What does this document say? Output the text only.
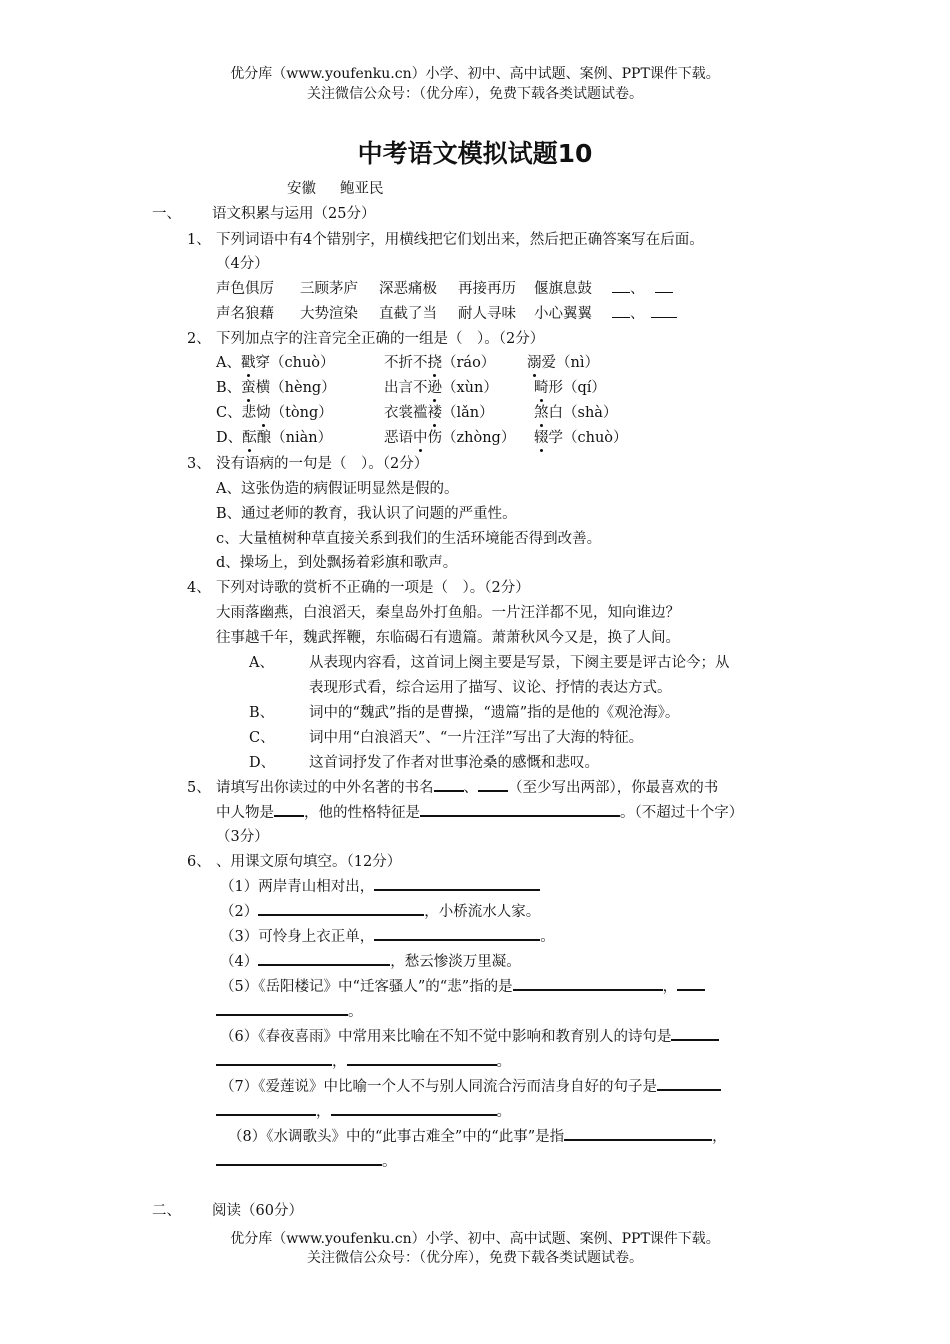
优分库（www.youfenku.cn）小学、初中、高中试题、案例、PPT课件下载。
关注微信公众号：（优分库），免费下载各类试题试卷。
中考语文模拟试题10
安徽 鲍亚民
一、 语文积累与运用（25分）
1、 下列词语中有4个错别字，用横线把它们划出来，然后把正确答案写在后面。
（4分）
声色俱厉 三顾茅庐 深恶痛极 再接再历 偃旗息鼓	、
声名狼藉 大势渲染 直截了当 耐人寻味 小心翼翼	、
2、 下列加点字的注音完全正确的一组是（　）。（2分）
A、戳穿（chuò）	不折不挠（ráo） 溺爱（nì）
B、蛮横（hèng）	出言不逊（xùn） 畸形（qí）
C、悲恸（tòng）	衣裳褴褛（lǎn）	煞白（shà）
D、酝酿（niàn）	恶语中伤（zhòng） 辍学（chuò）
3、 没有语病的一句是（　）。（2分）
A、这张伪造的病假证明显然是假的。
B、通过老师的教育，我认识了问题的严重性。
c、大量植树种草直接关系到我们的生活环境能否得到改善。
d、操场上，到处飘扬着彩旗和歌声。
4、 下列对诗歌的赏析不正确的一项是（　）。（2分）
大雨落幽燕，白浪滔天，秦皇岛外打鱼船。一片汪洋都不见，知向谁边？
往事越千年，魏武挥鞭，东临碣石有遗篇。萧萧秋风今又是，换了人间。
A、 从表现内容看，这首词上阕主要是写景，下阕主要是评古论今；从
表现形式看，综合运用了描写、议论、抒情的表达方式。
B、 词中的“魏武”指的是曹操，“遗篇”指的是他的《观沧海》。
C、 词中用“白浪滔天”、“一片汪洋”写出了大海的特征。
D、 这首词抒发了作者对世事沧桑的感慨和悲叹。
5、 请填写出你读过的中外名著的书名 、 （至少写出两部），你最喜欢的书
中人物是 ，他的性格特征是	。（不超过十个字）
（3分）
6、 、用课文原句填空。（12分）
（1）两岸青山相对出，
（2）	，小桥流水人家。
（3）可怜身上衣正单，	。
（4）	，愁云惨淡万里凝。
（5）《岳阳楼记》中“迁客骚人”的“悲”指的是	，
。
（6）《春夜喜雨》中常用来比喻在不知不觉中影响和教育别人的诗句是
，	。
（7）《爱莲说》中比喻一个人不与别人同流合污而洁身自好的句子是
，	。
（8）《水调歌头》中的“此事古难全”中的“此事”是指	，
。
二、 阅读（60分）
优分库（www.youfenku.cn）小学、初中、高中试题、案例、PPT课件下载。
关注微信公众号：（优分库），免费下载各类试题试卷。
